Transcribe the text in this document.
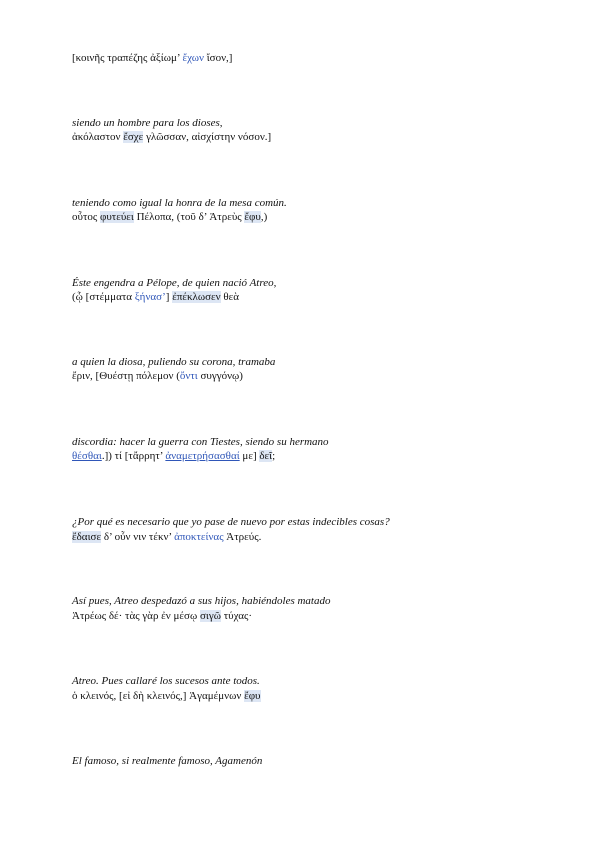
[κοινῆς τραπέζης ἀξίωμ’ ἔχων ἴσον,]
siendo un hombre para los dioses,
ἀκόλαστον ἔσχε γλῶσσαν, αἰσχίστην νόσον.]
teniendo como igual la honra de la mesa común.
οὗτος φυτεύει Πέλοπα, (τοῦ δ’ Ἀτρεὺς ἔφυ,)
Éste engendra a Pélope, de quien nació Atreo,
(ᾧ [στέμματα ξήνασ’] ἐπέκλωσεν θεὰ
a quien la diosa, puliendo su corona, tramaba
ἔριν, [Θυέστῃ πόλεμον (ὄντι συγγόνῳ)
discordia: hacer la guerra con Tiestes, siendo su hermano
θέσθαι.]) τί [τἄρρητ’ ἀναμετρήσασθαί με] δεῖ;
¿Por qué es necesario que yo pase de nuevo por estas indecibles cosas?
ἔδαισε δ’ οὖν νιν τέκν’ ἀποκτείνας Ἀτρεύς.
Así pues, Atreo despedazó a sus hijos, habiéndoles matado
Ἀτρέως δέ· τὰς γὰρ ἐν μέσῳ σιγῶ τύχας·
Atreo. Pues callaré los sucesos ante todos.
ὁ κλεινός, [εἰ δὴ κλεινός,] Ἀγαμέμνων ἔφυ
El famoso, si realmente famoso, Agamenón
